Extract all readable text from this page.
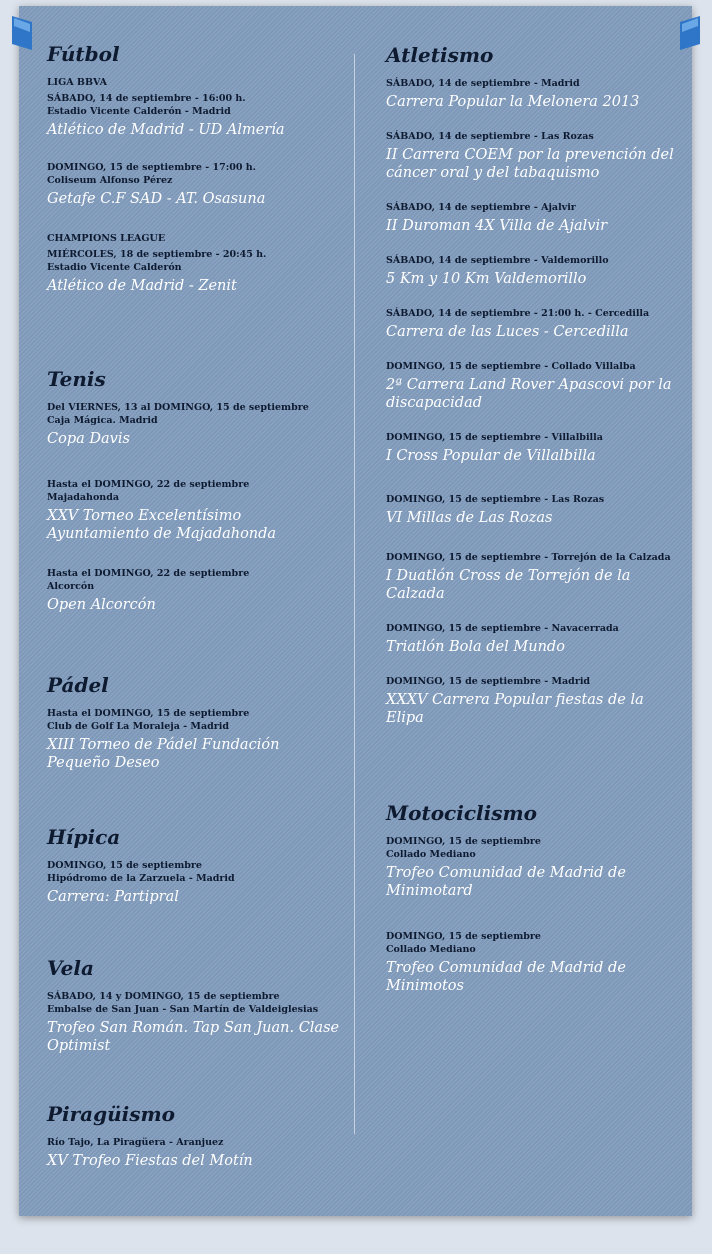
Fútbol
LIGA BBVA
SÁBADO, 14 de septiembre - 16:00 h.
Estadio Vicente Calderón - Madrid
Atlético de Madrid - UD Almería
DOMINGO, 15 de septiembre - 17:00 h.
Coliseum Alfonso Pérez
Getafe C.F SAD - AT. Osasuna
CHAMPIONS LEAGUE
MIÉRCOLES, 18 de septiembre - 20:45 h.
Estadio Vicente Calderón
Atlético de Madrid - Zenit
Tenis
Del VIERNES, 13 al DOMINGO, 15 de septiembre
Caja Mágica. Madrid
Copa Davis
Hasta el DOMINGO, 22 de septiembre
Majadahonda
XXV Torneo Excelentísimo Ayuntamiento de Majadahonda
Hasta el DOMINGO, 22 de septiembre
Alcorcón
Open Alcorcón
Pádel
Hasta el DOMINGO, 15 de septiembre
Club de Golf La Moraleja - Madrid
XIII Torneo de Pádel Fundación Pequeño Deseo
Hípica
DOMINGO, 15 de septiembre
Hipódromo de la Zarzuela - Madrid
Carrera: Partipral
Vela
SÁBADO, 14 y DOMINGO, 15 de septiembre
Embalse de San Juan - San Martín de Valdeiglesias
Trofeo San Román. Tap San Juan. Clase Optimist
Piragüismo
Río Tajo, La Piragüera - Aranjuez
XV Trofeo Fiestas del Motín
Atletismo
SÁBADO, 14 de septiembre - Madrid
Carrera Popular la Melonera 2013
SÁBADO, 14 de septiembre - Las Rozas
II Carrera COEM por la prevención del cáncer oral y del tabaquismo
SÁBADO, 14 de septiembre - Ajalvir
II Duroman 4X Villa de Ajalvir
SÁBADO, 14 de septiembre - Valdemorillo
5 Km y 10 Km Valdemorillo
SÁBADO, 14 de septiembre - 21:00 h. - Cercedilla
Carrera de las Luces - Cercedilla
DOMINGO, 15 de septiembre - Collado Villalba
2ª Carrera Land Rover Apascovi por la discapacidad
DOMINGO, 15 de septiembre - Villalbilla
I Cross Popular de Villalbilla
DOMINGO, 15 de septiembre - Las Rozas
VI Millas de Las Rozas
DOMINGO, 15 de septiembre - Torrejón de la Calzada
I Duatlón Cross de Torrejón de la Calzada
DOMINGO, 15 de septiembre - Navacerrada
Triatlón Bola del Mundo
DOMINGO, 15 de septiembre - Madrid
XXXV Carrera Popular fiestas de la Elipa
Motociclismo
DOMINGO, 15 de septiembre
Collado Mediano
Trofeo Comunidad de Madrid de Minimotard
DOMINGO, 15 de septiembre
Collado Mediano
Trofeo Comunidad de Madrid de Minimotos
